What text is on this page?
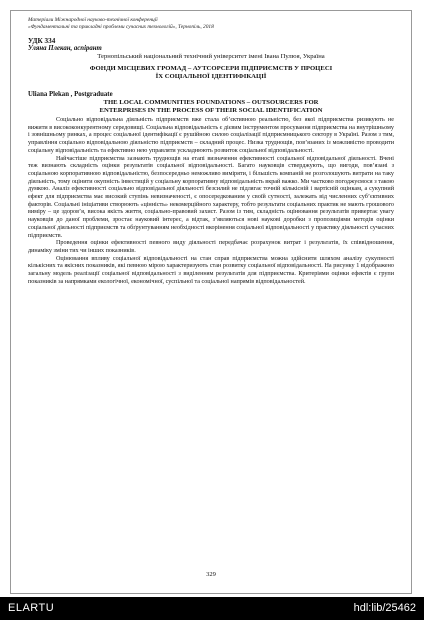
Матеріали Міжнародної науково-технічної конференції
«Фундаментальні та прикладні проблеми сучасних технологій», Тернопіль, 2018
УДК 334
Уляна Плекан, аспірант
Тернопільський національний технічний університет імені Івана Пулюя, Україна
ФОНДИ МІСЦЕВИХ ГРОМАД – АУТСОРСЕРИ ПІДПРИЄМСТВ У ПРОЦЕСІ
ЇХ СОЦІАЛЬНОЇ ІДЕНТИФІКАЦІЇ
Uliana Plekan , Postgraduate
THE LOCAL COMMUNITIES FOUNDATIONS – OUTSOURCERS FOR
ENTERPRISES IN THE PROCESS OF THEIR SOCIAL IDENTIFICATION

Соціально відповідальна діяльність підприємств вже стала об’єктивною реальністю, без якої підприємства ризикують не вижити в висококонкурентному середовищі. Соціальна відповідальність є дієвим інструментом просування підприємства на внутрішньому і зовнішньому ринках, а процес соціальної ідентифікації є рушійною силою соціалізації підприємницького сектору в Україні. Разом з тим, управління соціально відповідальною діяльністю підприємств – складний процес. Низка труднощів, пов’язаних із можливістю проводити соціальну відповідальність та ефективно нею управляти ускладнюють розвиток соціальної відповідальності.

Найчастіше підприємства зазнають труднощів на етапі визначення ефективності соціальної відповідальної діяльності. Вчені теж визнають складність оцінки результатів соціальної відповідальності. Багато науковців стверджують, що вигоди, пов’язані з соціальною корпоративною відповідальністю, безпосередньо неможливо виміряти, і більшість компаній не розголошують витрати на таку діяльність, тому оцінити окупність інвестицій у соціальну корпоративну відповідальність вкрай важко. Ми частково погоджуємося з такою думкою. Аналіз ефективності соціально відповідальної діяльності безсилий не підлягає точній кількісній і вартісній оцінкам, а сукупний ефект для підприємства має високий ступінь невизначеності, є опосередкованим у своїй сутності, залежать від численних суб’єктивних факторів. Соціальні ініціативи створюють «цінність» некомерційного характеру, тобто результати соціальних практик не мають грошового виміру – це здоров’я, висока якість життя, соціально-правовий захист. Разом із тим, складність оцінювання результатів привертає увагу науковців до даної проблеми, зростає науковий інтерес, а відтак, з’являються нові наукові доробки з пропозиціями методів оцінки соціальної діяльності підприємств та обґрунтуванням необхідності вкорінення соціальної відповідальності у практику діяльності сучасних підприємств.

Проведення оцінки ефективності певного виду діяльності передбачає розрахунок витрат і результатів, їх співвідношення, динаміку зміни тих чи інших показників.

Оцінювання впливу соціальної відповідальності на стан справ підприємства можна здійснити шляхом аналізу сукупності кількісних та якісних показників, які певною мірою характеризують стан розвитку соціальної відповідальності. На рисунку 1 відображено загальну модель реалізації соціальної відповідальності з виділенням результатів для підприємства. Критеріями оцінки ефектів є групи показників за напрямками екологічної, економічної, суспільної та соціальної напрямів відповідальностей.

329
ELARTU	hdl:lib/25462
